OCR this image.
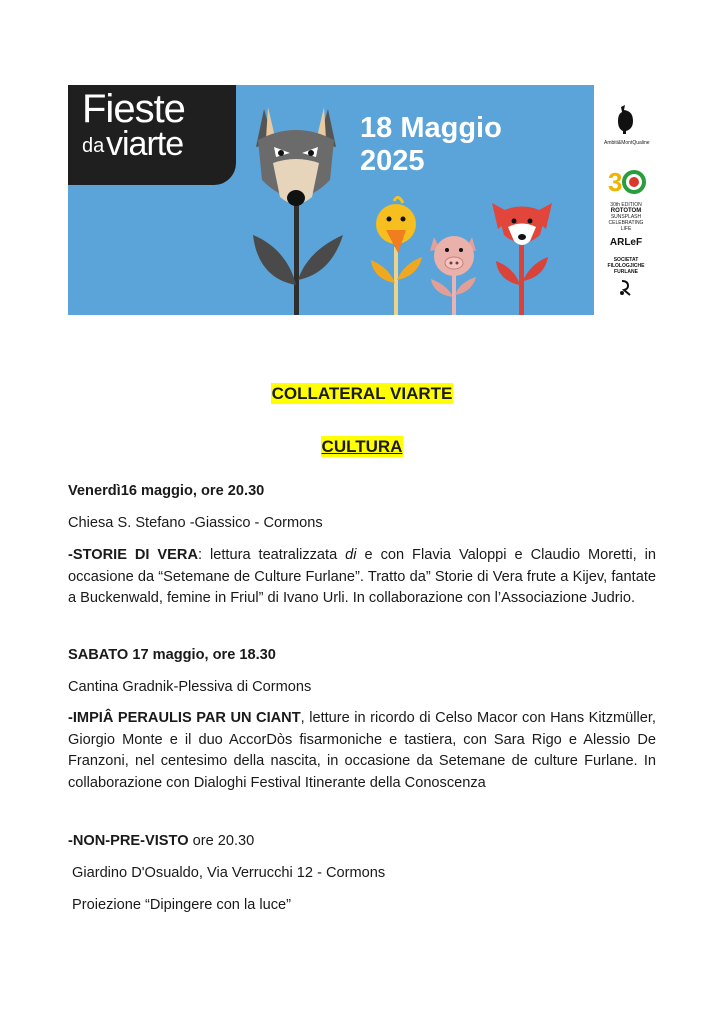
Fieste
da viarte	18 Maggio
2025
Ambiti&MontQualine
3
30th EDITION
ROTOTOM
SUNSPLASH
CELEBRATING LIFE
ARLeF
SOCIETAT FILOLOGJICHE FURLANE
COLLATERAL VIARTE
CULTURA

Venerdì16 maggio, ore 20.30

Chiesa S. Stefano -Giassico - Cormons

-STORIE DI VERA: lettura teatralizzata di e con Flavia Valoppi e Claudio Moretti, in occasione da “Setemane de Culture Furlane”. Tratto da” Storie di Vera frute a Kijev, fantate a Buckenwald, femine in Friul” di Ivano Urli. In collaborazione con l’Associazione Judrio.

SABATO 17 maggio, ore 18.30

Cantina Gradnik-Plessiva di Cormons

-IMPIÂ PERAULIS PAR UN CIANT, letture in ricordo di Celso Macor con Hans Kitzmüller, Giorgio Monte e il duo AccorDòs fisarmoniche e tastiera, con Sara Rigo e Alessio De Franzoni, nel centesimo della nascita, in occasione da Setemane de culture Furlane. In collaborazione con Dialoghi Festival Itinerante della Conoscenza

-NON-PRE-VISTO ore 20.30

Giardino D'Osualdo, Via Verrucchi 12 - Cormons

Proiezione “Dipingere con la luce”
